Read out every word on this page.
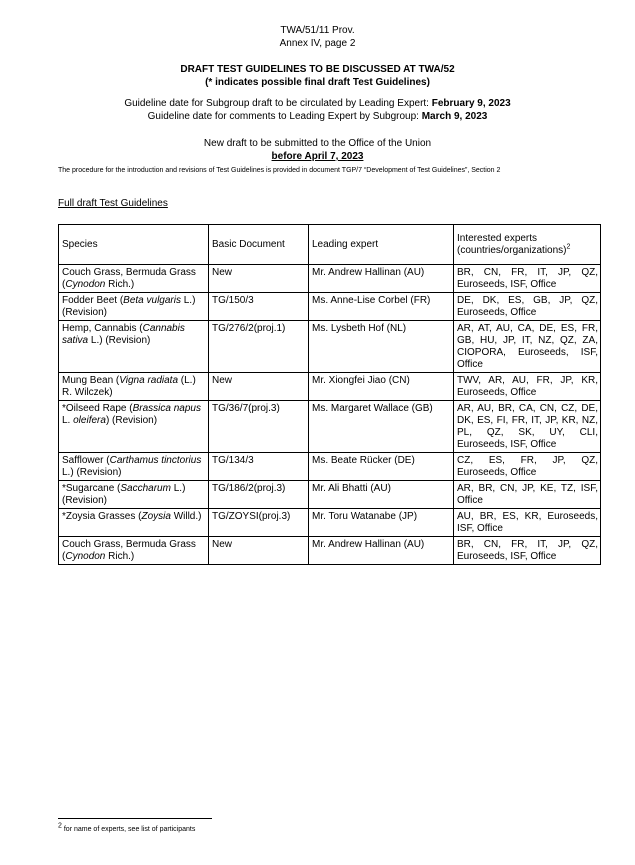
TWA/51/11 Prov.
Annex IV, page 2
DRAFT TEST GUIDELINES TO BE DISCUSSED AT TWA/52
(* indicates possible final draft Test Guidelines)
Guideline date for Subgroup draft to be circulated by Leading Expert: February 9, 2023
Guideline date for comments to Leading Expert by Subgroup: March 9, 2023
New draft to be submitted to the Office of the Union
before April 7, 2023
The procedure for the introduction and revisions of Test Guidelines is provided in document TGP/7 “Development of Test Guidelines”, Section 2
Full draft Test Guidelines
Species	Basic Document	Leading expert	Interested experts (countries/organizations)$^2$
Couch Grass, Bermuda Grass (Cynodon Rich.)	New	Mr. Andrew Hallinan (AU)	BR, CN, FR, IT, JP, QZ, Euroseeds, ISF, Office
Fodder Beet (Beta vulgaris L.) (Revision)	TG/150/3	Ms. Anne-Lise Corbel (FR)	DE, DK, ES, GB, JP, QZ, Euroseeds, Office
Hemp, Cannabis (Cannabis sativa L.) (Revision)	TG/276/2(proj.1)	Ms. Lysbeth Hof (NL)	AR, AT, AU, CA, DE, ES, FR, GB, HU, JP, IT, NZ, QZ, ZA, CIOPORA, Euroseeds, ISF, Office
Mung Bean (Vigna radiata (L.) R. Wilczek)	New	Mr. Xiongfei Jiao (CN)	TWV, AR, AU, FR, JP, KR, Euroseeds, Office
*Oilseed Rape (Brassica napus L. oleifera) (Revision)	TG/36/7(proj.3)	Ms. Margaret Wallace (GB)	AR, AU, BR, CA, CN, CZ, DE, DK, ES, FI, FR, IT, JP, KR, NZ, PL, QZ, SK, UY, CLI, Euroseeds, ISF, Office
Safflower (Carthamus tinctorius L.) (Revision)	TG/134/3	Ms. Beate Rücker (DE)	CZ, ES, FR, JP, QZ, Euroseeds, Office
*Sugarcane (Saccharum L.) (Revision)	TG/186/2(proj.3)	Mr. Ali Bhatti (AU)	AR, BR, CN, JP, KE, TZ, ISF, Office
*Zoysia Grasses (Zoysia Willd.)	TG/ZOYSI(proj.3)	Mr. Toru Watanabe (JP)	AU, BR, ES, KR, Euroseeds, ISF, Office
Couch Grass, Bermuda Grass (Cynodon Rich.)	New	Mr. Andrew Hallinan (AU)	BR, CN, FR, IT, JP, QZ, Euroseeds, ISF, Office
$^2$ for name of experts, see list of participants
